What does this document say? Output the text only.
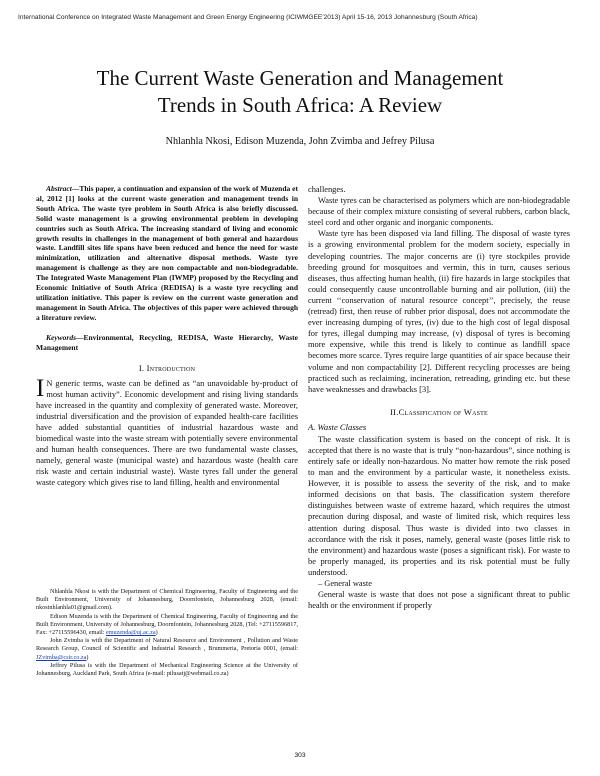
International Conference on Integrated Waste Management and Green Energy Engineering (ICIWMGEE'2013) April 15-16, 2013 Johannesburg (South Africa)
The Current Waste Generation and Management
Trends in South Africa: A Review
Nhlanhla Nkosi, Edison Muzenda, John Zvimba and Jefrey Pilusa

Abstract—This paper, a continuation and expansion of the work of Muzenda et al, 2012 [1] looks at the current waste generation and management trends in South Africa. The waste tyre problem in South Africa is also briefly discussed. Solid waste management is a growing environmental problem in developing countries such as South Africa. The increasing standard of living and economic growth results in challenges in the management of both general and hazardous waste. Landfill sites life spans have been reduced and hence the need for waste minimization, utilization and alternative disposal methods. Waste tyre management is challenge as they are non compactable and non-biodegradable. The Integrated Waste Management Plan (IWMP) proposed by the Recycling and Economic Initiative of South Africa (REDISA) is a waste tyre recycling and utilization initiative. This paper is review on the current waste generation and management in South Africa. The objectives of this paper were achieved through a literature review.

Keywords—Environmental, Recycling, REDISA, Waste Hierarchy, Waste Management

I. Introduction

I N generic terms, waste can be defined as “an unavoidable by-product of most human activity”. Economic development and rising living standards have increased in the quantity and complexity of generated waste. Moreover, industrial diversification and the provision of expanded health-care facilities have added substantial quantities of industrial hazardous waste and biomedical waste into the waste stream with potentially severe environmental and human health consequences. There are two fundamental waste classes, namely, general waste (municipal waste) and hazardous waste (health care risk waste and certain industrial waste). Waste tyres fall under the general waste category which gives rise to land filling, health and environmental

Nhlanhla Nkosi is with the Department of Chemical Engineering, Faculty of Engineering and the Built Environment, University of Johannesburg, Doornfontein, Johannesburg 2028, (email: nkosinhlanhla01@gmail.com).

Edison Muzenda is with the Department of Chemical Engineering, Faculty of Engineering and the Built Environment, University of Johannesburg, Doornfontein, Johannesburg 2028, (Tel: +27115596817, Fax: +27115596430, email: emuzenda@uj.ac.za)

John Zvimba is with the Department of Natural Resource and Environment , Pollution and Waste Research Group, Council of Scientific and Industrial Research , Brummeria, Pretoria 0001, (email: JZvimba@csir.co.za)

Jeffrey Pilusa is with the Department of Mechanical Engineering Science at the University of Johannesburg, Auckland Park, South Africa (e-mail: pilusatj@webmail.co.za)

challenges.

Waste tyres can be characterised as polymers which are non-biodegradable because of their complex mixture consisting of several rubbers, carbon black, steel cord and other organic and inorganic components.

Waste tyre has been disposed via land filling. The disposal of waste tyres is a growing environmental problem for the modern society, especially in developing countries. The major concerns are (i) tyre stockpiles provide breeding ground for mosquitoes and vermin, this in turn, causes serious diseases, thus affecting human health, (ii) fire hazards in large stockpiles that could consequently cause uncontrollable burning and air pollution, (iii) the current ‘‘conservation of natural resource concept’’, precisely, the reuse (retread) first, then reuse of rubber prior disposal, does not accommodate the ever increasing dumping of tyres, (iv) due to the high cost of legal disposal for tyres, illegal dumping may increase, (v) disposal of tyres is becoming more expensive, while this trend is likely to continue as landfill space becomes more scarce. Tyres require large quantities of air space because their volume and non compactability [2]. Different recycling processes are being practiced such as reclaiming, incineration, retreading, grinding etc. but these have weaknesses and drawbacks [3].

II.Classification of Waste
A. Waste Classes

The waste classification system is based on the concept of risk. It is accepted that there is no waste that is truly “non-hazardous”, since nothing is entirely safe or ideally non-hazardous. No matter how remote the risk posed to man and the environment by a particular waste, it nonetheless exists. However, it is possible to assess the severity of the risk, and to make informed decisions on that basis. The classification system therefore distinguishes between waste of extreme hazard, which requires the utmost precaution during disposal, and waste of limited risk, which requires less attention during disposal. Thus waste is divided into two classes in accordance with the risk it poses, namely, general waste (poses little risk to the environment) and hazardous waste (poses a significant risk). For waste to be properly managed, its properties and its risk potential must be fully understood.

– General waste

General waste is waste that does not pose a significant threat to public health or the environment if properly

303
